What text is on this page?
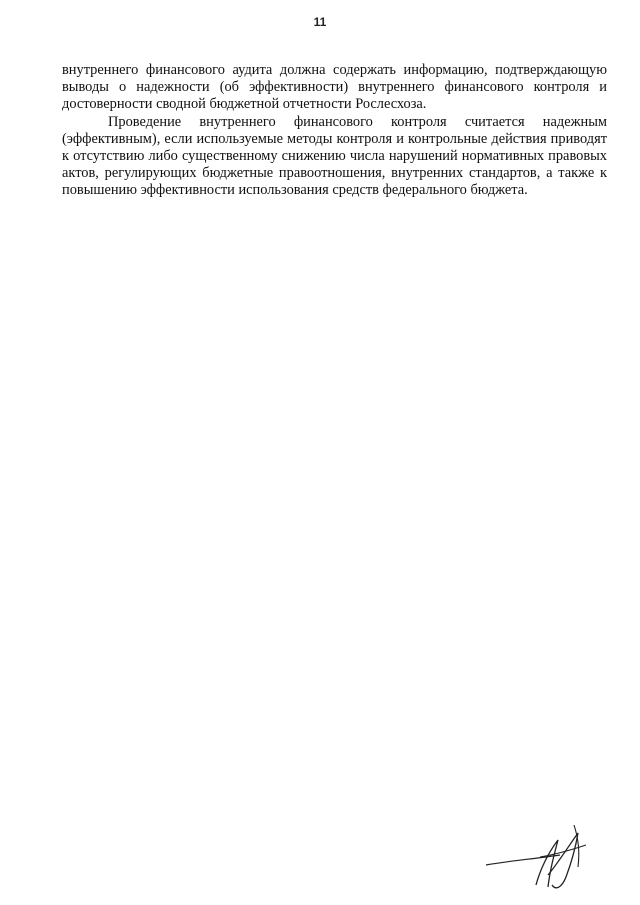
11

внутреннего финансового аудита должна содержать информацию, подтверждающую выводы о надежности (об эффективности) внутреннего финансового контроля и достоверности сводной бюджетной отчетности Рослесхоза.

Проведение внутреннего финансового контроля считается надежным (эффективным), если используемые методы контроля и контрольные действия приводят к отсутствию либо существенному снижению числа нарушений нормативных правовых актов, регулирующих бюджетные правоотношения, внутренних стандартов, а также к повышению эффективности использования средств федерального бюджета.
